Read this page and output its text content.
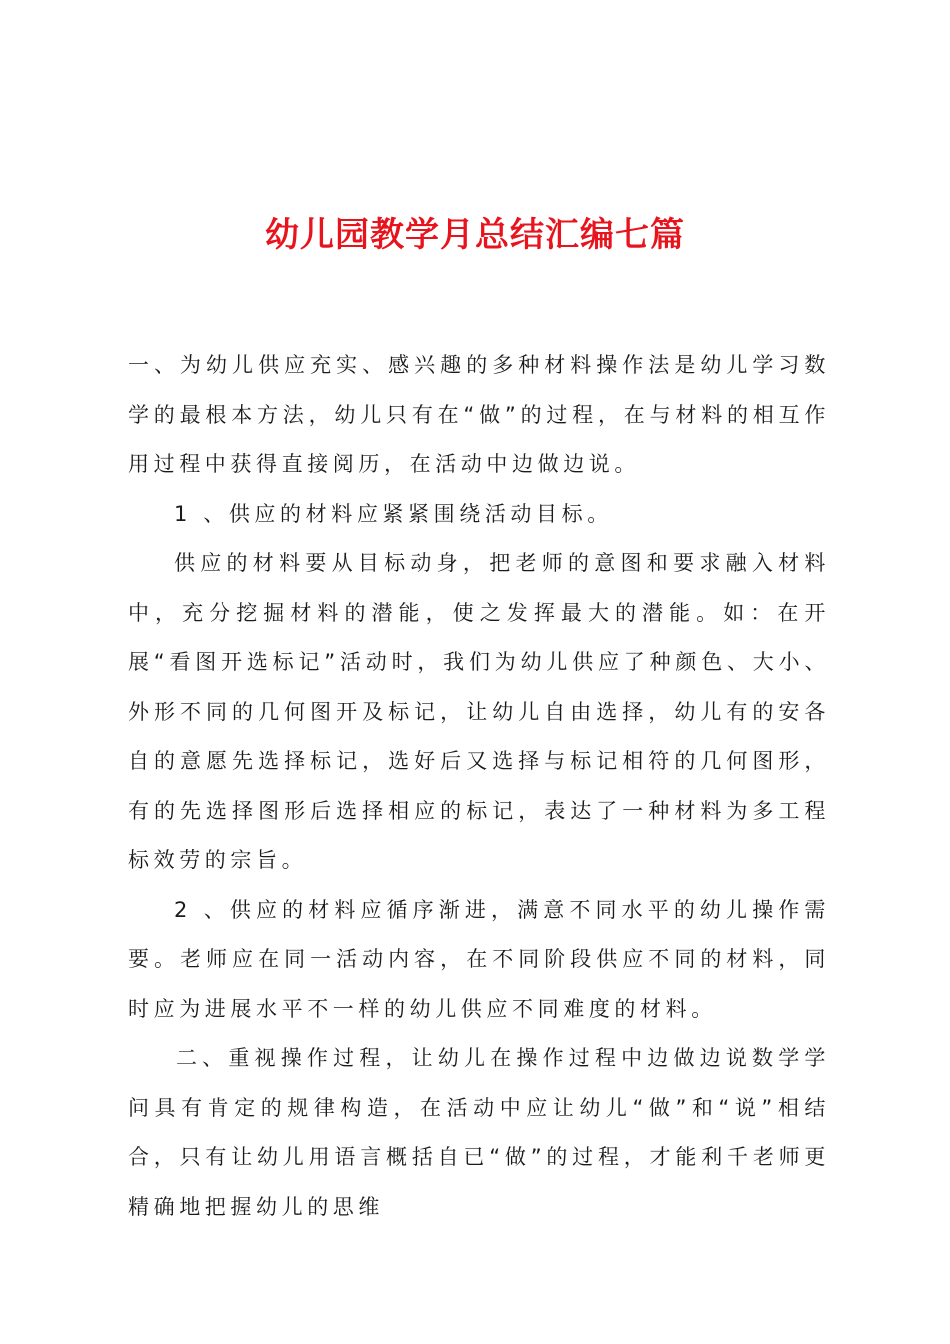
幼儿园教学月总结汇编七篇

一、为幼儿供应充实、感兴趣的多种材料操作法是幼儿学习数学的最根本方法，幼儿只有在“做”的过程，在与材料的相互作用过程中获得直接阅历，在活动中边做边说。

1 、供应的材料应紧紧围绕活动目标。

供应的材料要从目标动身，把老师的意图和要求融入材料中，充分挖掘材料的潜能，使之发挥最大的潜能。如：在开展“看图开选标记”活动时，我们为幼儿供应了种颜色、大小、外形不同的几何图开及标记，让幼儿自由选择，幼儿有的安各自的意愿先选择标记，选好后又选择与标记相符的几何图形，有的先选择图形后选择相应的标记，表达了一种材料为多工程标效劳的宗旨。

2 、供应的材料应循序渐进，满意不同水平的幼儿操作需要。老师应在同一活动内容，在不同阶段供应不同的材料，同时应为进展水平不一样的幼儿供应不同难度的材料。

二、重视操作过程，让幼儿在操作过程中边做边说数学学问具有肯定的规律构造，在活动中应让幼儿“做”和“说”相结合，只有让幼儿用语言概括自已“做”的过程，才能利千老师更精确地把握幼儿的思维
